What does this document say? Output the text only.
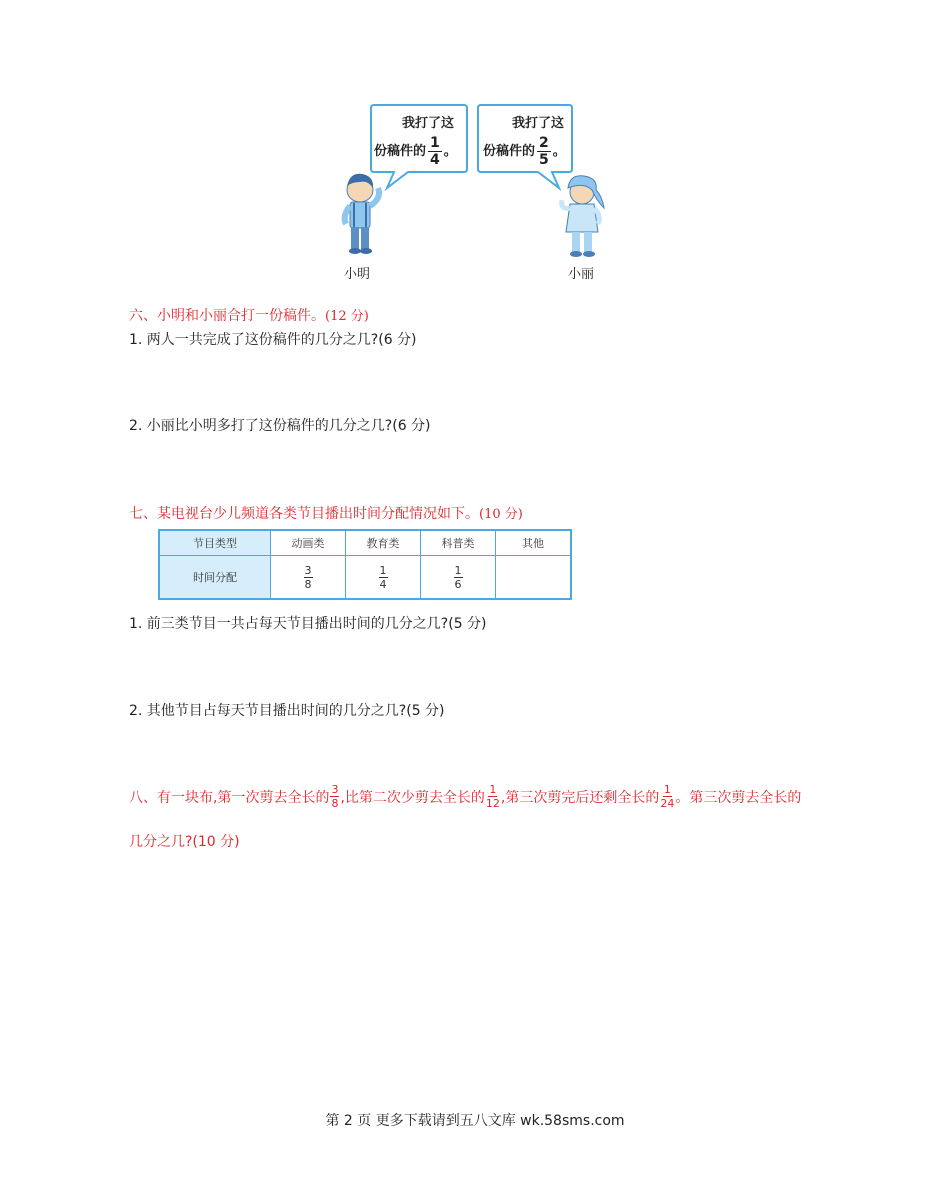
我打了这
份稿件的 $\frac{1}{4}$ 。
我打了这
份稿件的 $\frac{2}{5}$ 。
小明	小丽
六、小明和小丽合打一份稿件。(12 分)
1. 两人一共完成了这份稿件的几分之几?(6 分)
2. 小丽比小明多打了这份稿件的几分之几?(6 分)
七、某电视台少儿频道各类节目播出时间分配情况如下。(10 分)
节目类型	动画类	教育类	科普类	其他
时间分配	$\frac{3}{8}$	$\frac{1}{4}$	$\frac{1}{6}$

1. 前三类节目一共占每天节目播出时间的几分之几?(5 分)
2. 其他节目占每天节目播出时间的几分之几?(5 分)
八、有一块布,第一次剪去全长的 $\frac{3}{8}$ ,比第二次少剪去全长的 $\frac{1}{12}$ ,第三次剪完后还剩全长的 $\frac{1}{24}$ 。第三次剪去全长的
几分之几?(10 分)
第 2 页 更多下载请到五八文库 wk.58sms.com
